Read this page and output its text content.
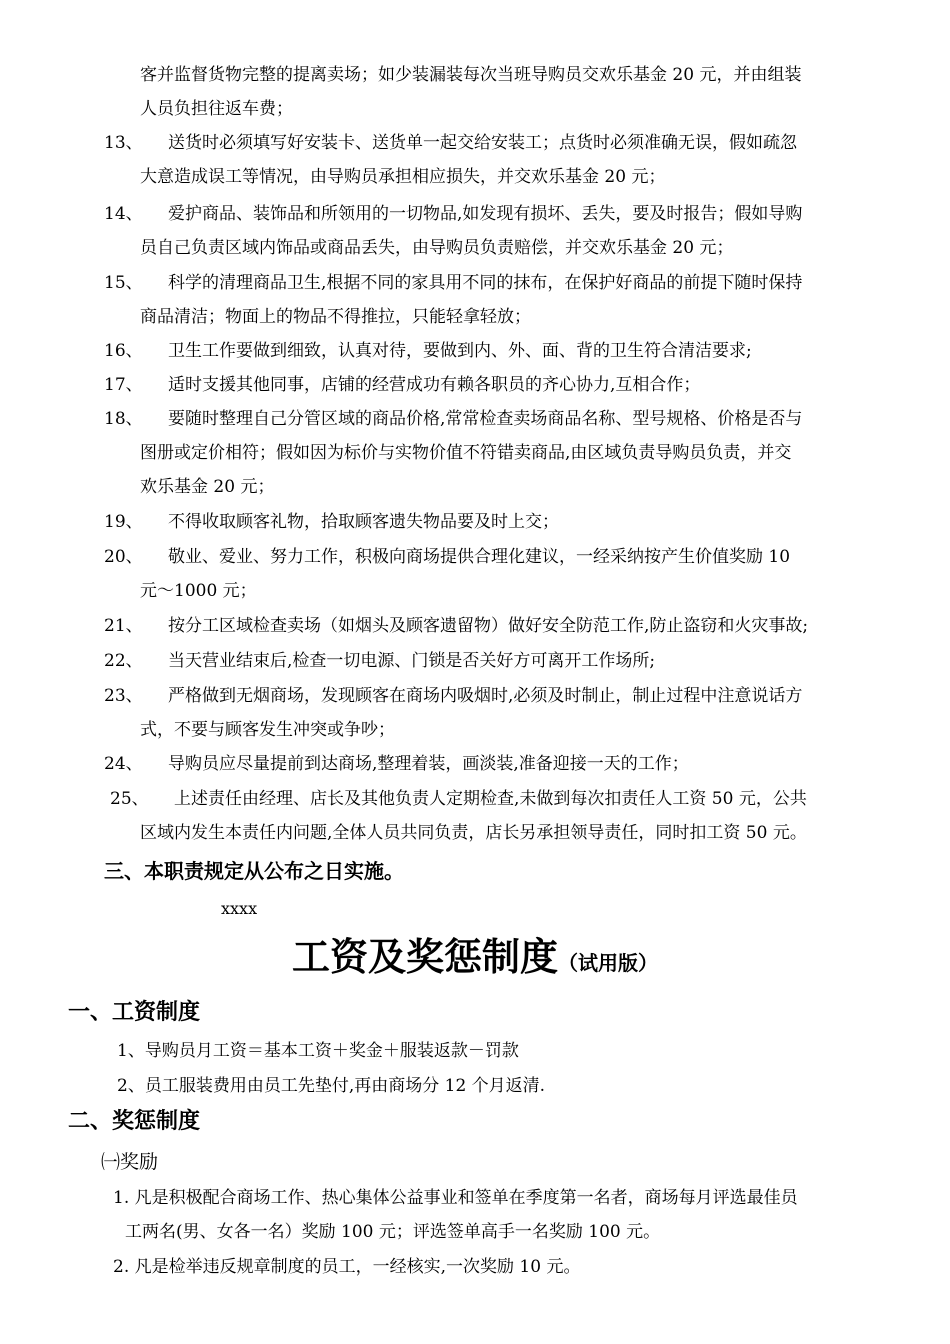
客并监督货物完整的提离卖场；如少装漏装每次当班导购员交欢乐基金 20 元，并由组装
人员负担往返车费；
13、 送货时必须填写好安装卡、送货单一起交给安装工；点货时必须准确无误，假如疏忽
大意造成误工等情况，由导购员承担相应损失，并交欢乐基金 20 元；
14、 爱护商品、装饰品和所领用的一切物品,如发现有损坏、丢失，要及时报告；假如导购
员自己负责区域内饰品或商品丢失，由导购员负责赔偿，并交欢乐基金 20 元；
15、 科学的清理商品卫生,根据不同的家具用不同的抹布，在保护好商品的前提下随时保持
商品清洁；物面上的物品不得推拉，只能轻拿轻放；
16、 卫生工作要做到细致，认真对待，要做到内、外、面、背的卫生符合清洁要求;
17、 适时支援其他同事，店铺的经营成功有赖各职员的齐心协力,互相合作；
18、 要随时整理自己分管区域的商品价格,常常检查卖场商品名称、型号规格、价格是否与
图册或定价相符；假如因为标价与实物价值不符错卖商品,由区域负责导购员负责，并交
欢乐基金 20 元；
19、 不得收取顾客礼物，拾取顾客遗失物品要及时上交；
20、 敬业、爱业、努力工作，积极向商场提供合理化建议，一经采纳按产生价值奖励 10
元～1000 元；
21、 按分工区域检查卖场（如烟头及顾客遗留物）做好安全防范工作,防止盗窃和火灾事故;
22、 当天营业结束后,检查一切电源、门锁是否关好方可离开工作场所;
23、 严格做到无烟商场，发现顾客在商场内吸烟时,必须及时制止，制止过程中注意说话方
式，不要与顾客发生冲突或争吵；
24、 导购员应尽量提前到达商场,整理着装，画淡装,准备迎接一天的工作；
25、 上述责任由经理、店长及其他负责人定期检查,未做到每次扣责任人工资 50 元，公共
区域内发生本责任内问题,全体人员共同负责，店长另承担领导责任，同时扣工资 50 元。
三、本职责规定从公布之日实施。
xxxx
工资及奖惩制度（试用版）
一、工资制度
1、导购员月工资＝基本工资＋奖金＋服装返款－罚款
2、员工服装费用由员工先垫付,再由商场分 12 个月返清.
二、奖惩制度
㈠奖励
1. 凡是积极配合商场工作、热心集体公益事业和签单在季度第一名者，商场每月评选最佳员
工两名(男、女各一名）奖励 100 元；评选签单高手一名奖励 100 元。
2. 凡是检举违反规章制度的员工，一经核实,一次奖励 10 元。
